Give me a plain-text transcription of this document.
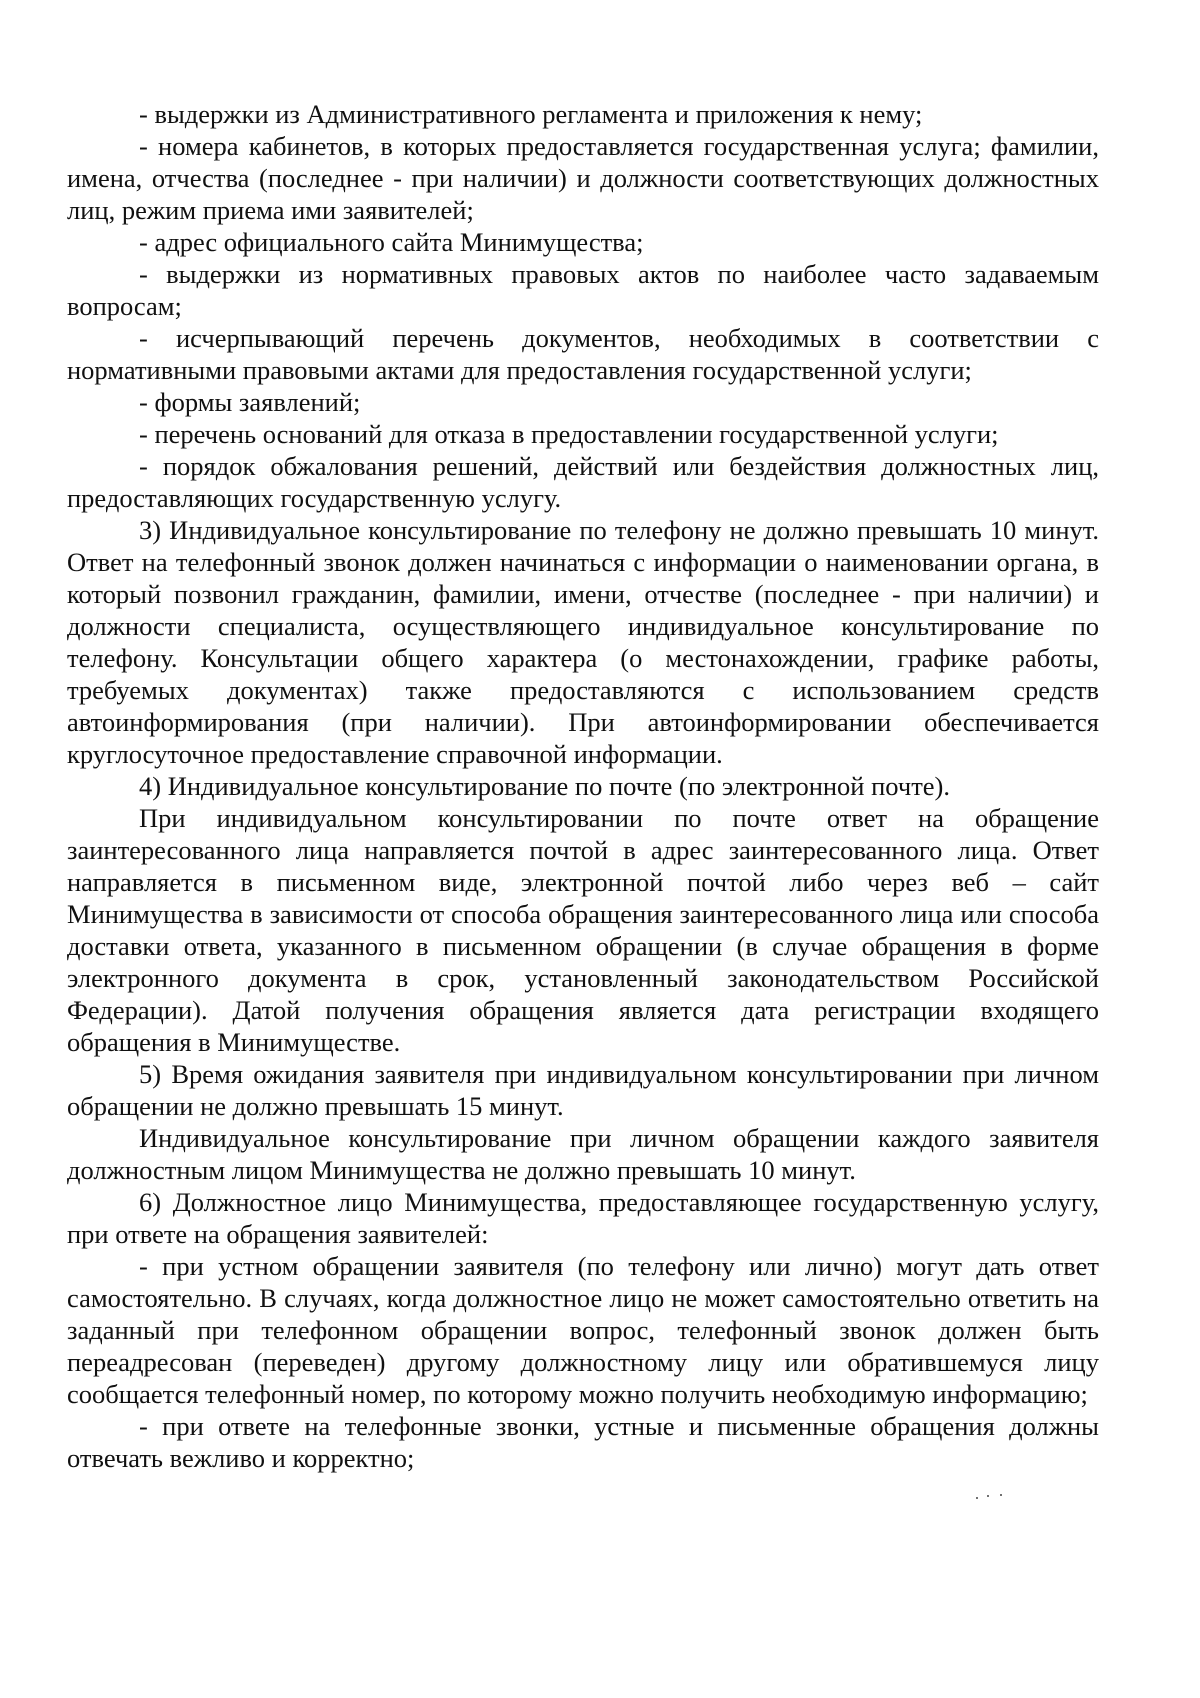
- выдержки из Административного регламента и приложения к нему;

- номера кабинетов, в которых предоставляется государственная услуга; фамилии, имена, отчества (последнее - при наличии) и должности соответствующих должностных лиц, режим приема ими заявителей;

- адрес официального сайта Минимущества;

- выдержки из нормативных правовых актов по наиболее часто задаваемым вопросам;

- исчерпывающий перечень документов, необходимых в соответствии с нормативными правовыми актами для предоставления государственной услуги;

- формы заявлений;

- перечень оснований для отказа в предоставлении государственной услуги;

- порядок обжалования решений, действий или бездействия должностных лиц, предоставляющих государственную услугу.

3) Индивидуальное консультирование по телефону не должно превышать 10 минут. Ответ на телефонный звонок должен начинаться с информации о наименовании органа, в который позвонил гражданин, фамилии, имени, отчестве (последнее - при наличии) и должности специалиста, осуществляющего индивидуальное консультирование по телефону. Консультации общего характера (о местонахождении, графике работы, требуемых документах) также предоставляются с использованием средств автоинформирования (при наличии). При автоинформировании обеспечивается круглосуточное предоставление справочной информации.

4) Индивидуальное консультирование по почте (по электронной почте).

При индивидуальном консультировании по почте ответ на обращение заинтересованного лица направляется почтой в адрес заинтересованного лица. Ответ направляется в письменном виде, электронной почтой либо через веб – сайт Минимущества в зависимости от способа обращения заинтересованного лица или способа доставки ответа, указанного в письменном обращении (в случае обращения в форме электронного документа в срок, установленный законодательством Российской Федерации). Датой получения обращения является дата регистрации входящего обращения в Минимуществе.

5) Время ожидания заявителя при индивидуальном консультировании при личном обращении не должно превышать 15 минут.

Индивидуальное консультирование при личном обращении каждого заявителя должностным лицом Минимущества не должно превышать 10 минут.

6) Должностное лицо Минимущества, предоставляющее государственную услугу, при ответе на обращения заявителей:

- при устном обращении заявителя (по телефону или лично) могут дать ответ самостоятельно. В случаях, когда должностное лицо не может самостоятельно ответить на заданный при телефонном обращении вопрос, телефонный звонок должен быть переадресован (переведен) другому должностному лицу или обратившемуся лицу сообщается телефонный номер, по которому можно получить необходимую информацию;

- при ответе на телефонные звонки, устные и письменные обращения должны отвечать вежливо и корректно;
